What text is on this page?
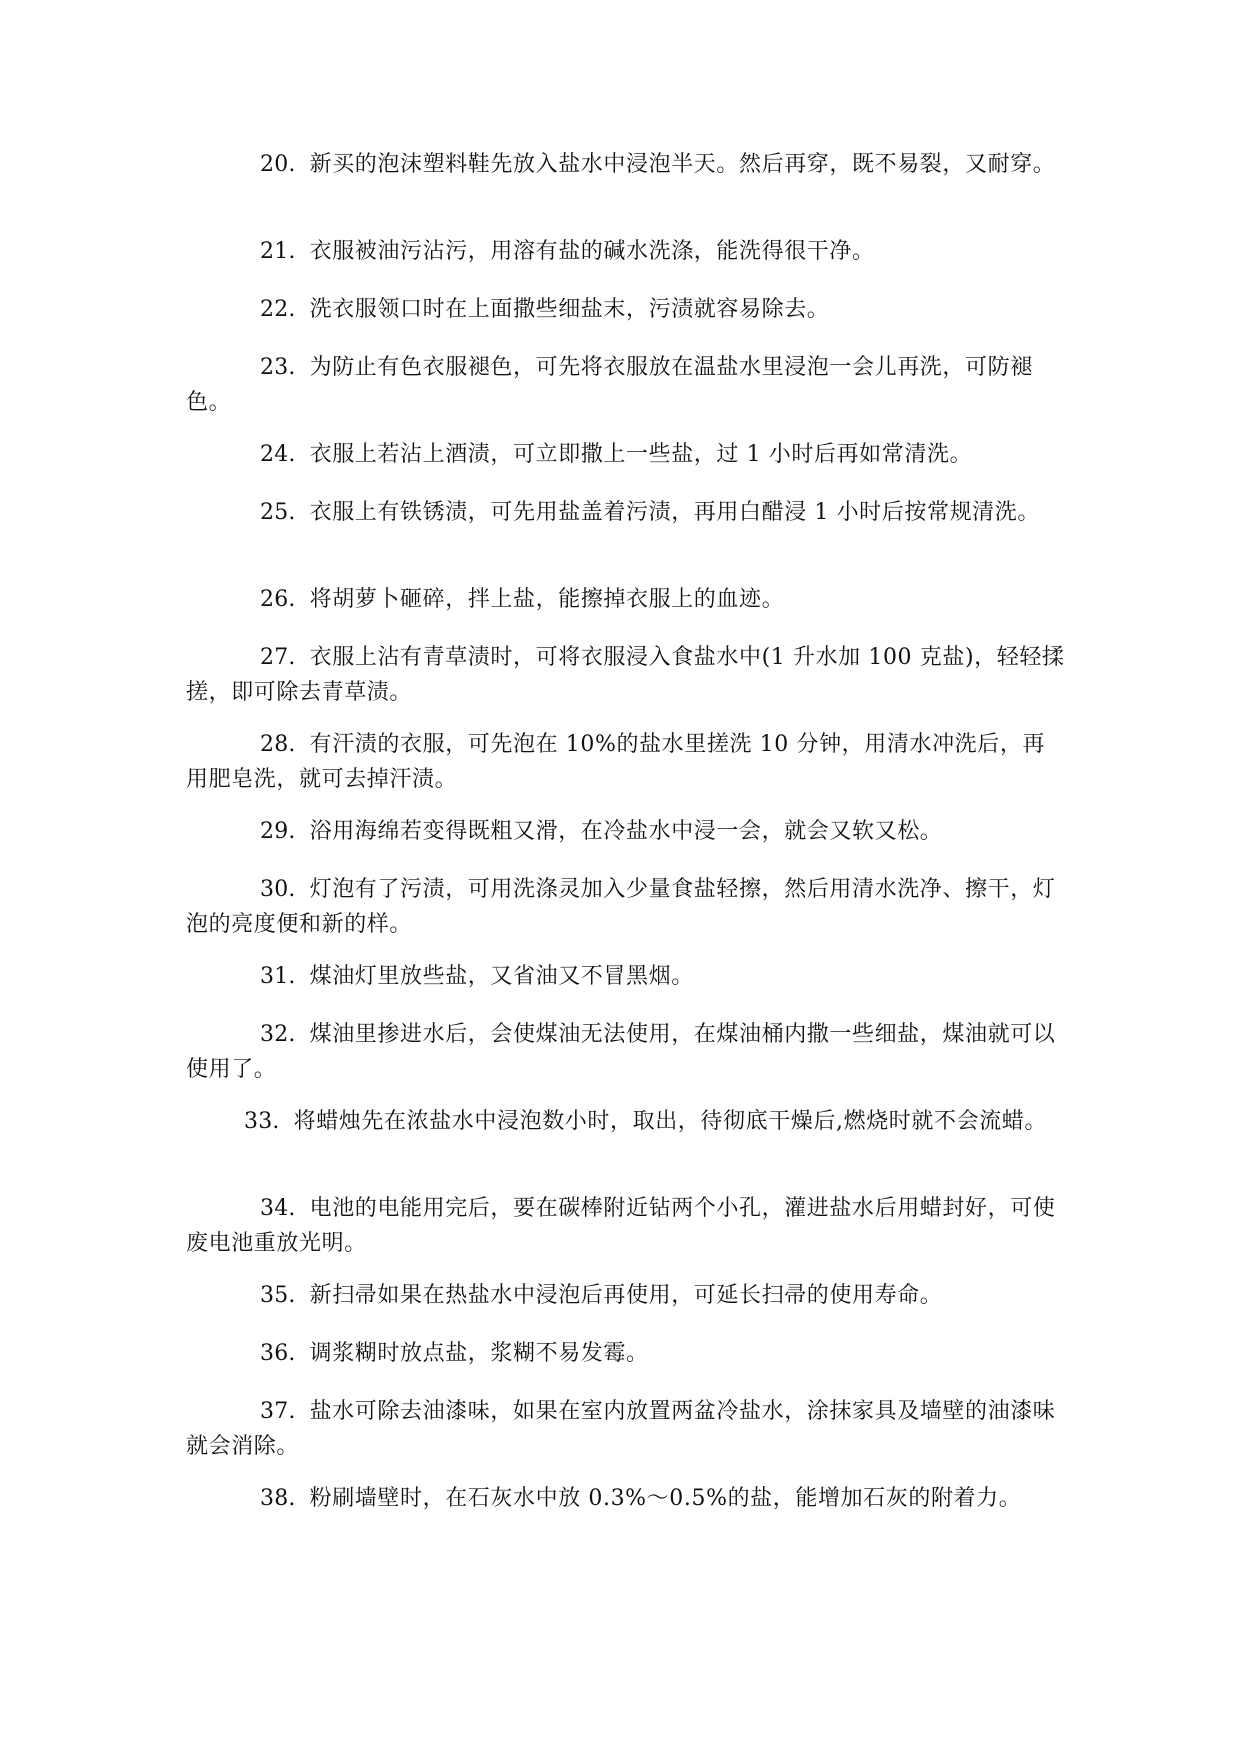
20. 新买的泡沫塑料鞋先放入盐水中浸泡半天。然后再穿，既不易裂，又耐穿。

21. 衣服被油污沾污，用溶有盐的碱水洗涤，能洗得很干净。

22. 洗衣服领口时在上面撒些细盐末，污渍就容易除去。

23. 为防止有色衣服褪色，可先将衣服放在温盐水里浸泡一会儿再洗，可防褪色。

24. 衣服上若沾上酒渍，可立即撒上一些盐，过 1 小时后再如常清洗。

25. 衣服上有铁锈渍，可先用盐盖着污渍，再用白醋浸 1 小时后按常规清洗。

26. 将胡萝卜砸碎，拌上盐，能擦掉衣服上的血迹。

27. 衣服上沾有青草渍时，可将衣服浸入食盐水中(1 升水加 100 克盐)，轻轻揉搓，即可除去青草渍。

28. 有汗渍的衣服，可先泡在 10%的盐水里搓洗 10 分钟，用清水冲洗后，再用肥皂洗，就可去掉汗渍。

29. 浴用海绵若变得既粗又滑，在冷盐水中浸一会，就会又软又松。

30. 灯泡有了污渍，可用洗涤灵加入少量食盐轻擦，然后用清水洗净、擦干，灯泡的亮度便和新的样。

31. 煤油灯里放些盐，又省油又不冒黑烟。

32. 煤油里掺进水后，会使煤油无法使用，在煤油桶内撒一些细盐，煤油就可以使用了。

33. 将蜡烛先在浓盐水中浸泡数小时，取出，待彻底干燥后,燃烧时就不会流蜡。

34. 电池的电能用完后，要在碳棒附近钻两个小孔，灌进盐水后用蜡封好，可使废电池重放光明。

35. 新扫帚如果在热盐水中浸泡后再使用，可延长扫帚的使用寿命。

36. 调浆糊时放点盐，浆糊不易发霉。

37. 盐水可除去油漆味，如果在室内放置两盆冷盐水，涂抹家具及墙壁的油漆味就会消除。

38. 粉刷墙壁时，在石灰水中放 0.3%～0.5%的盐，能增加石灰的附着力。
